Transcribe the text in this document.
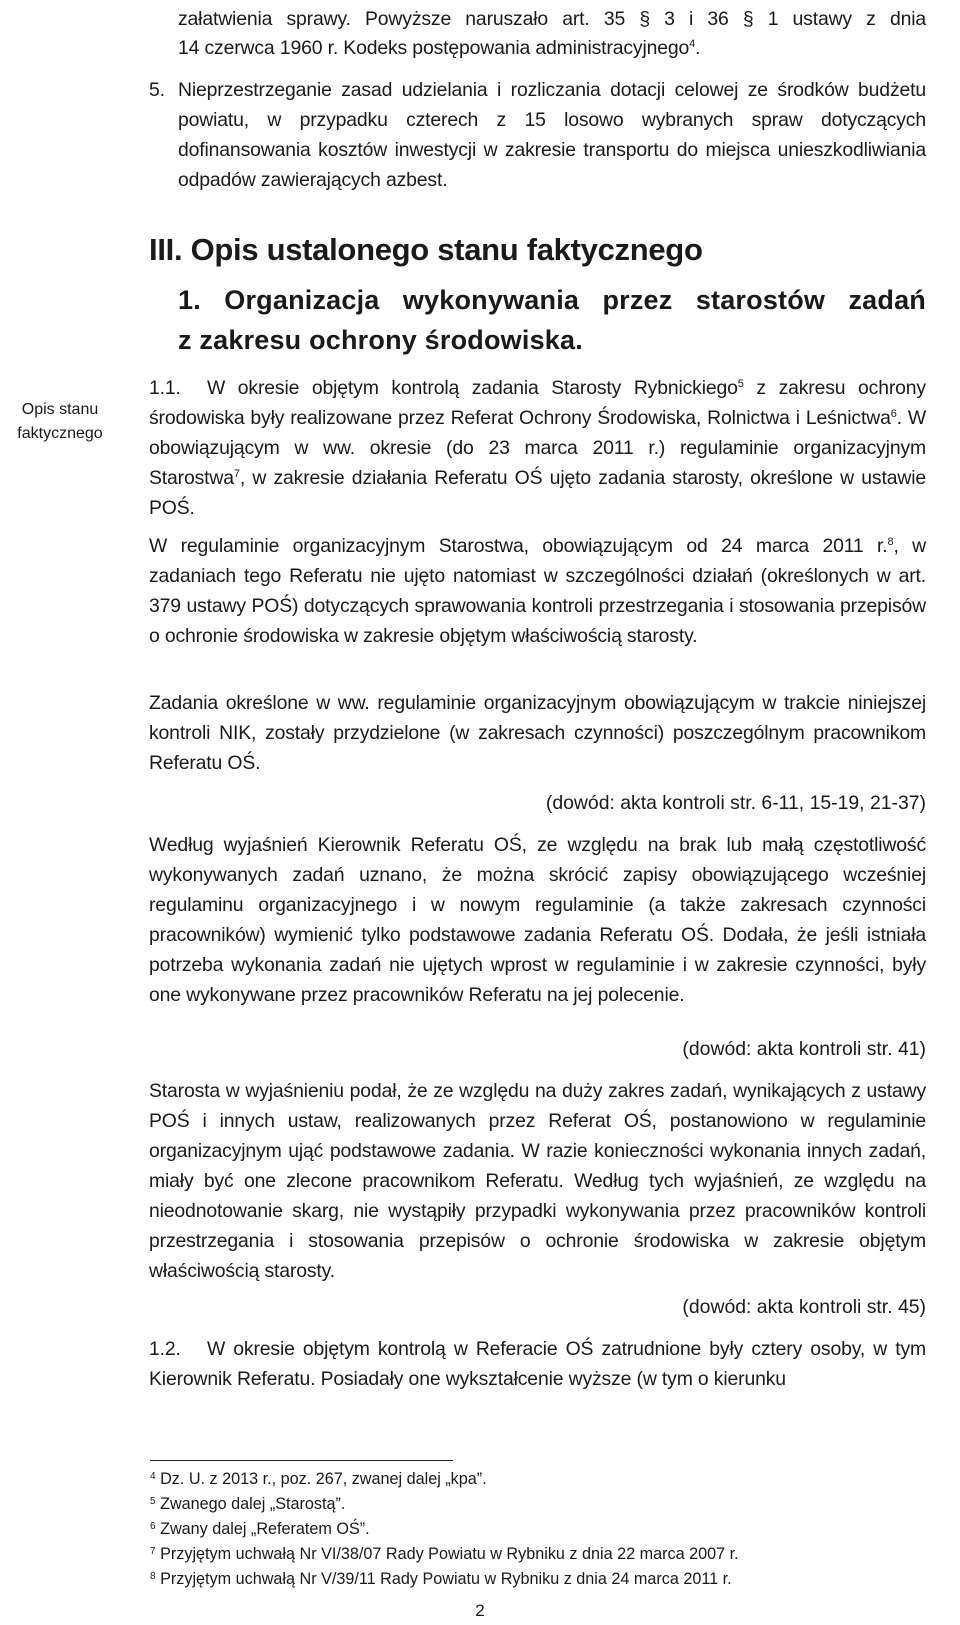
załatwienia sprawy. Powyższe naruszało art. 35 § 3 i 36 § 1 ustawy z dnia

14 czerwca 1960 r. Kodeks postępowania administracyjnego$^4$.

5. Nieprzestrzeganie zasad udzielania i rozliczania dotacji celowej ze środków budżetu powiatu, w przypadku czterech z 15 losowo wybranych spraw dotyczących dofinansowania kosztów inwestycji w zakresie transportu do miejsca unieszkodliwiania odpadów zawierających azbest.

III. Opis ustalonego stanu faktycznego
1. Organizacja wykonywania przez starostów zadań
z zakresu ochrony środowiska.
Opis stanu
faktycznego

1.1. W okresie objętym kontrolą zadania Starosty Rybnickiego$^5$ z zakresu ochrony środowiska były realizowane przez Referat Ochrony Środowiska, Rolnictwa i Leśnictwa$^6$. W obowiązującym w ww. okresie (do 23 marca 2011 r.) regulaminie organizacyjnym Starostwa$^7$, w zakresie działania Referatu OŚ ujęto zadania starosty, określone w ustawie POŚ.

W regulaminie organizacyjnym Starostwa, obowiązującym od 24 marca 2011 r.$^8$, w zadaniach tego Referatu nie ujęto natomiast w szczególności działań (określonych w art. 379 ustawy POŚ) dotyczących sprawowania kontroli przestrzegania i stosowania przepisów o ochronie środowiska w zakresie objętym właściwością starosty.

Zadania określone w ww. regulaminie organizacyjnym obowiązującym w trakcie niniejszej kontroli NIK, zostały przydzielone (w zakresach czynności) poszczególnym pracownikom Referatu OŚ.

(dowód: akta kontroli str. 6-11, 15-19, 21-37)

Według wyjaśnień Kierownik Referatu OŚ, ze względu na brak lub małą częstotliwość wykonywanych zadań uznano, że można skrócić zapisy obowiązującego wcześniej regulaminu organizacyjnego i w nowym regulaminie (a także zakresach czynności pracowników) wymienić tylko podstawowe zadania Referatu OŚ. Dodała, że jeśli istniała potrzeba wykonania zadań nie ujętych wprost w regulaminie i w zakresie czynności, były one wykonywane przez pracowników Referatu na jej polecenie.

(dowód: akta kontroli str. 41)

Starosta w wyjaśnieniu podał, że ze względu na duży zakres zadań, wynikających z ustawy POŚ i innych ustaw, realizowanych przez Referat OŚ, postanowiono w regulaminie organizacyjnym ująć podstawowe zadania. W razie konieczności wykonania innych zadań, miały być one zlecone pracownikom Referatu. Według tych wyjaśnień, ze względu na nieodnotowanie skarg, nie wystąpiły przypadki wykonywania przez pracowników kontroli przestrzegania i stosowania przepisów o ochronie środowiska w zakresie objętym właściwością starosty.

(dowód: akta kontroli str. 45)

1.2. W okresie objętym kontrolą w Referacie OŚ zatrudnione były cztery osoby, w tym Kierownik Referatu. Posiadały one wykształcenie wyższe (w tym o kierunku

$^4$ Dz. U. z 2013 r., poz. 267, zwanej dalej „kpa”.
$^5$ Zwanego dalej „Starostą”.
$^6$ Zwany dalej „Referatem OŚ”.
$^7$ Przyjętym uchwałą Nr VI/38/07 Rady Powiatu w Rybniku z dnia 22 marca 2007 r.
$^8$ Przyjętym uchwałą Nr V/39/11 Rady Powiatu w Rybniku z dnia 24 marca 2011 r.
2
